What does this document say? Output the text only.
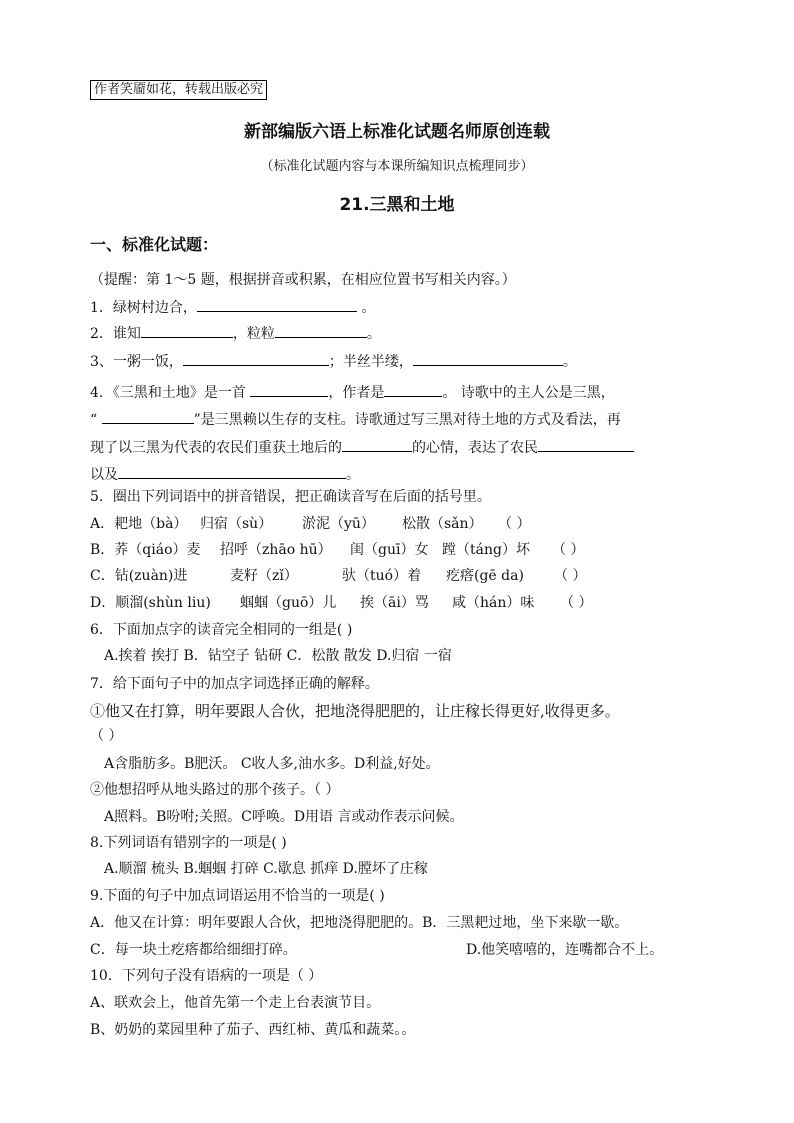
作者笑靥如花，转载出版必究
新部编版六语上标准化试题名师原创连载
（标准化试题内容与本课所编知识点梳理同步）
21.三黑和土地
一、标准化试题：
（提醒：第 1～5 题，根据拼音或积累，在相应位置书写相关内容。）
1．绿树村边合，	。
2．谁知	，粒粒	。
3、一粥一饭，	；半丝半缕，	。
4．《三黑和土地》是一首	，作者是	。 诗歌中的主人公是三黑，
“	”是三黑赖以生存的支柱。诗歌通过写三黑对待土地的方式及看法，再
现了以三黑为代表的农民们重获土地后的	的心情，表达了农民
以及	。
5．圈出下列词语中的拼音错误，把正确读音写在后面的括号里。
A．耙地（bà） 归宿（sù） 淤泥（yū） 松散（sǎn） （ ）
B．荞（qiáo）麦 招呼（zhāo hū） 闺（guī）女 蹚（táng）坏 （ ）
C．钻(zuàn)进	麦籽（zǐ）	驮（tuó）着 疙瘩(gē da) （ ）
D．顺溜(shùn liu) 蝈蝈（guō）儿 挨（āi）骂 咸（hán）味 （ ）
6．下面加点字的读音完全相同的一组是( )
A.挨着 挨打 B．钻空子 钻研 C．松散 散发 D.归宿 一宿
7．给下面句子中的加点字词选择正确的解释。
①他又在打算，明年要跟人合伙，把地浇得肥肥的，让庄稼长得更好,收得更多。
（ ）
A含脂肪多。B肥沃。 C收人多,油水多。D利益,好处。
②他想招呼从地头路过的那个孩子。（ ）
A照料。B吩咐;关照。C呼唤。D用语 言或动作表示问候。
8.下列词语有错别字的一项是( )
A.顺溜 梳头 B.蝈蝈 打碎 C.歇息 抓痒 D.膛坏了庄稼
9.下面的句子中加点词语运用不恰当的一项是( )
A．他又在计算：明年要跟人合伙，把地浇得肥肥的。B．三黑耙过地，坐下来歇一歇。
C．每一块土疙瘩都给细细打碎。	D.他笑嘻嘻的，连嘴都合不上。
10．下列句子没有语病的一项是（ ）
A、联欢会上，他首先第一个走上台表演节目。
B、奶奶的菜园里种了茄子、西红柿、黄瓜和蔬菜。。
